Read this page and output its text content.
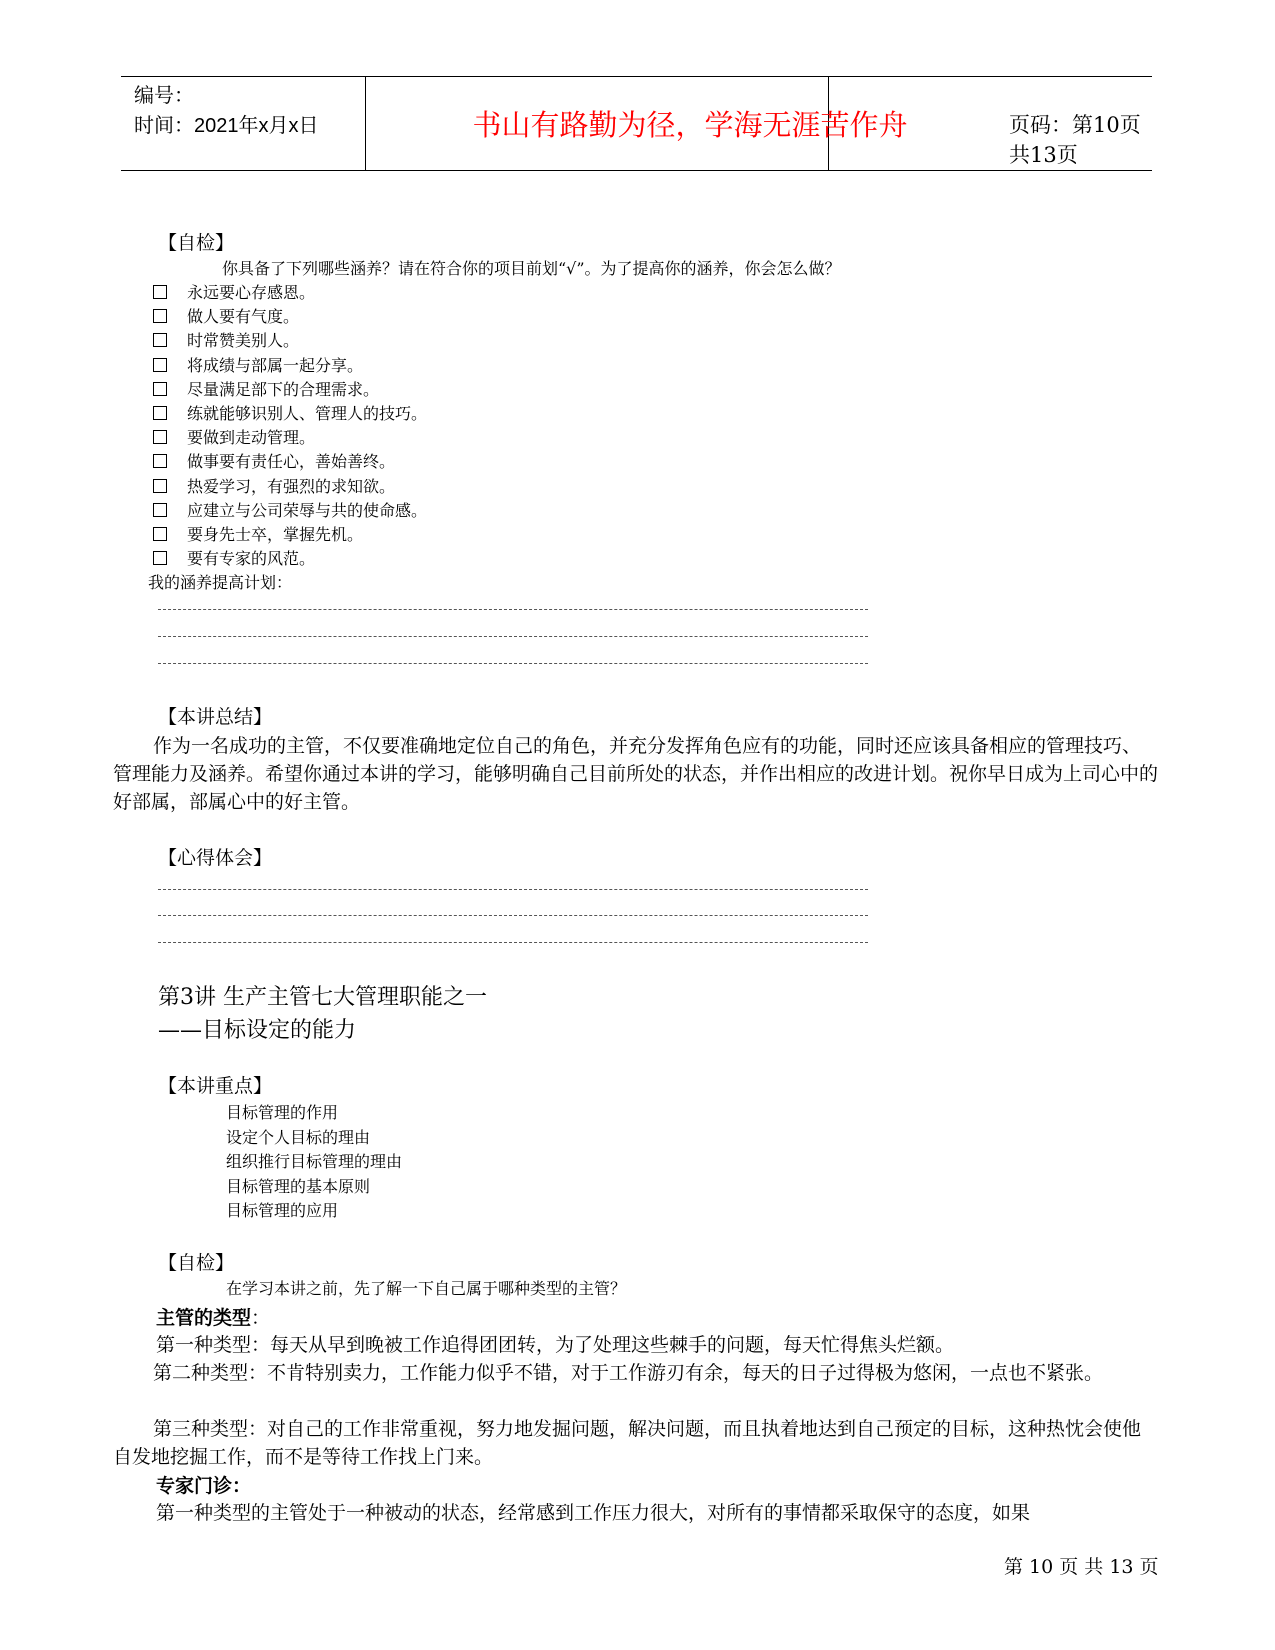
编号：
时间：2021年x月x日	书山有路勤为径，学海无涯苦作舟	页码：第10页 共13页
【自检】
你具备了下列哪些涵养？请在符合你的项目前划“√”。为了提高你的涵养，你会怎么做？
永远要心存感恩。
做人要有气度。
时常赞美别人。
将成绩与部属一起分享。
尽量满足部下的合理需求。
练就能够识别人、管理人的技巧。
要做到走动管理。
做事要有责任心，善始善终。
热爱学习，有强烈的求知欲。
应建立与公司荣辱与共的使命感。
要身先士卒，掌握先机。
要有专家的风范。
我的涵养提高计划：
【本讲总结】
作为一名成功的主管，不仅要准确地定位自己的角色，并充分发挥角色应有的功能，同时还应该具备相应的管理技巧、管理能力及涵养。希望你通过本讲的学习，能够明确自己目前所处的状态，并作出相应的改进计划。祝你早日成为上司心中的好部属，部属心中的好主管。
【心得体会】
第3讲 生产主管七大管理职能之一
——目标设定的能力
【本讲重点】
目标管理的作用
设定个人目标的理由
组织推行目标管理的理由
目标管理的基本原则
目标管理的应用
【自检】
在学习本讲之前，先了解一下自己属于哪种类型的主管？
主管的类型：
第一种类型：每天从早到晚被工作追得团团转，为了处理这些棘手的问题，每天忙得焦头烂额。
第二种类型：不肯特别卖力，工作能力似乎不错，对于工作游刃有余，每天的日子过得极为悠闲，一点也不紧张。
第三种类型：对自己的工作非常重视，努力地发掘问题，解决问题，而且执着地达到自己预定的目标，这种热忱会使他自发地挖掘工作，而不是等待工作找上门来。
专家门诊：
第一种类型的主管处于一种被动的状态，经常感到工作压力很大，对所有的事情都采取保守的态度，如果
第 10 页 共 13 页
